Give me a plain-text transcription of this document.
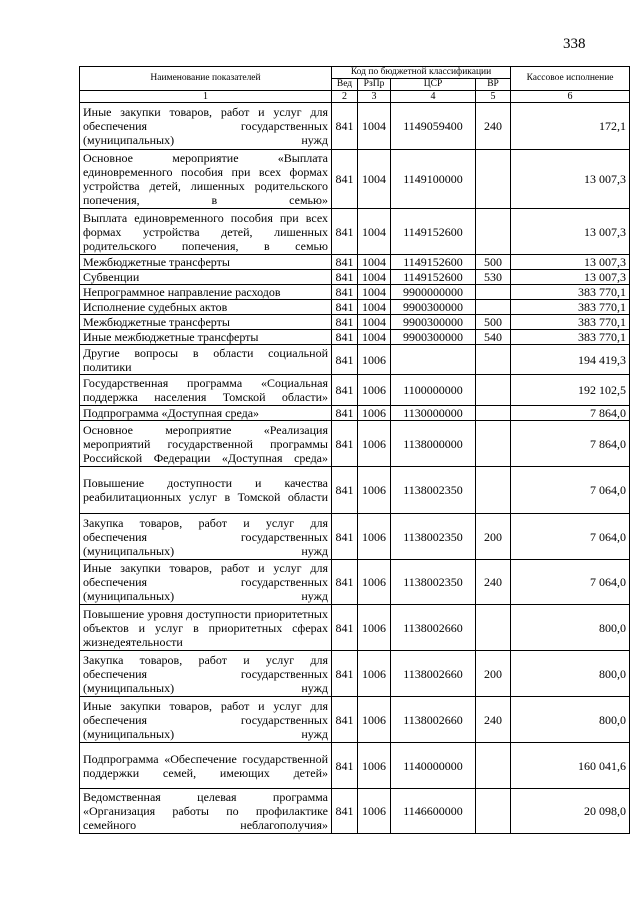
338
Наименование показателей	Код по бюджетной классификации				Кассовое исполнение
	Вед	РзПр	ЦСР	ВР	
1	2	3	4	5	6
Иные закупки товаров, работ и услуг для обеспечения государственных (муниципальных) нужд	841	1004	1149059400	240	172,1
Основное мероприятие «Выплата единовременного пособия при всех формах устройства детей, лишенных родительского попечения, в семью»	841	1004	1149100000		13 007,3
Выплата единовременного пособия при всех формах устройства детей, лишенных родительского попечения, в семью	841	1004	1149152600		13 007,3
Межбюджетные трансферты	841	1004	1149152600	500	13 007,3
Субвенции	841	1004	1149152600	530	13 007,3
Непрограммное направление расходов	841	1004	9900000000		383 770,1
Исполнение судебных актов	841	1004	9900300000		383 770,1
Межбюджетные трансферты	841	1004	9900300000	500	383 770,1
Иные межбюджетные трансферты	841	1004	9900300000	540	383 770,1
Другие вопросы в области социальной политики	841	1006			194 419,3
Государственная программа «Социальная поддержка населения Томской области»	841	1006	1100000000		192 102,5
Подпрограмма «Доступная среда»	841	1006	1130000000		7 864,0
Основное мероприятие «Реализация мероприятий государственной программы Российской Федерации «Доступная среда»	841	1006	1138000000		7 864,0
Повышение доступности и качества реабилитационных услуг в Томской области	841	1006	1138002350		7 064,0
Закупка товаров, работ и услуг для обеспечения государственных (муниципальных) нужд	841	1006	1138002350	200	7 064,0
Иные закупки товаров, работ и услуг для обеспечения государственных (муниципальных) нужд	841	1006	1138002350	240	7 064,0
Повышение уровня доступности приоритетных объектов и услуг в приоритетных сферах жизнедеятельности	841	1006	1138002660		800,0
Закупка товаров, работ и услуг для обеспечения государственных (муниципальных) нужд	841	1006	1138002660	200	800,0
Иные закупки товаров, работ и услуг для обеспечения государственных (муниципальных) нужд	841	1006	1138002660	240	800,0
Подпрограмма «Обеспечение государственной поддержки семей, имеющих детей»	841	1006	1140000000		160 041,6
Ведомственная целевая программа «Организация работы по профилактике семейного неблагополучия»	841	1006	1146600000		20 098,0
